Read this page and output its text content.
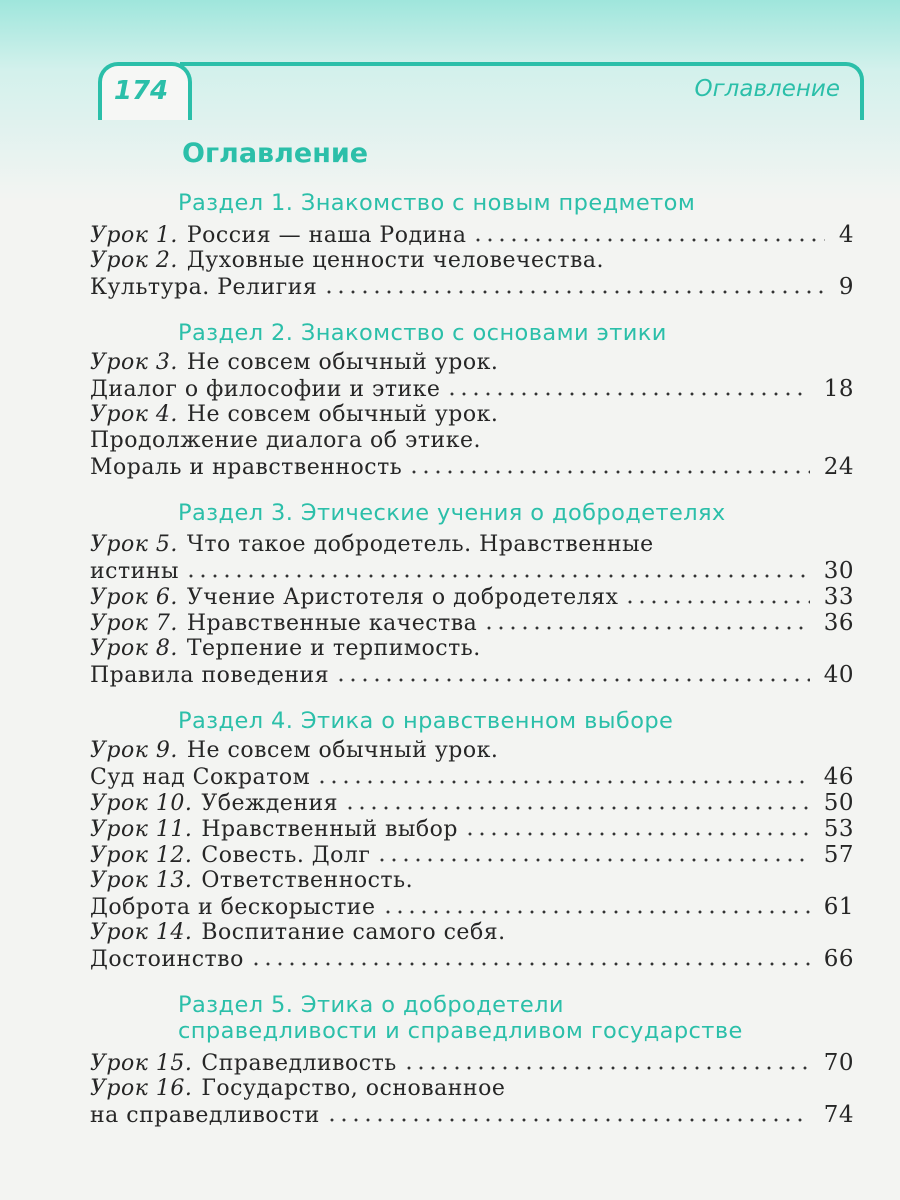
174	Оглавление
Оглавление
Раздел 1. Знакомство с новым предметом
Урок 1. Россия — наша Родина	4
Урок 2. Духовные ценности человечества.
Культура. Религия	9
Раздел 2. Знакомство с основами этики
Урок 3. Не совсем обычный урок.
Диалог о философии и этике	18
Урок 4. Не совсем обычный урок.
Продолжение диалога об этике.
Мораль и нравственность	24
Раздел 3. Этические учения о добродетелях
Урок 5. Что такое добродетель. Нравственные
истины	30
Урок 6. Учение Аристотеля о добродетелях	33
Урок 7. Нравственные качества	36
Урок 8. Терпение и терпимость.
Правила поведения	40
Раздел 4. Этика о нравственном выборе
Урок 9. Не совсем обычный урок.
Суд над Сократом	46
Урок 10. Убеждения	50
Урок 11. Нравственный выбор	53
Урок 12. Совесть. Долг	57
Урок 13. Ответственность.
Доброта и бескорыстие	61
Урок 14. Воспитание самого себя.
Достоинство	66
Раздел 5. Этика о добродетели
справедливости и справедливом государстве
Урок 15. Справедливость	70
Урок 16. Государство, основанное
на справедливости	74
